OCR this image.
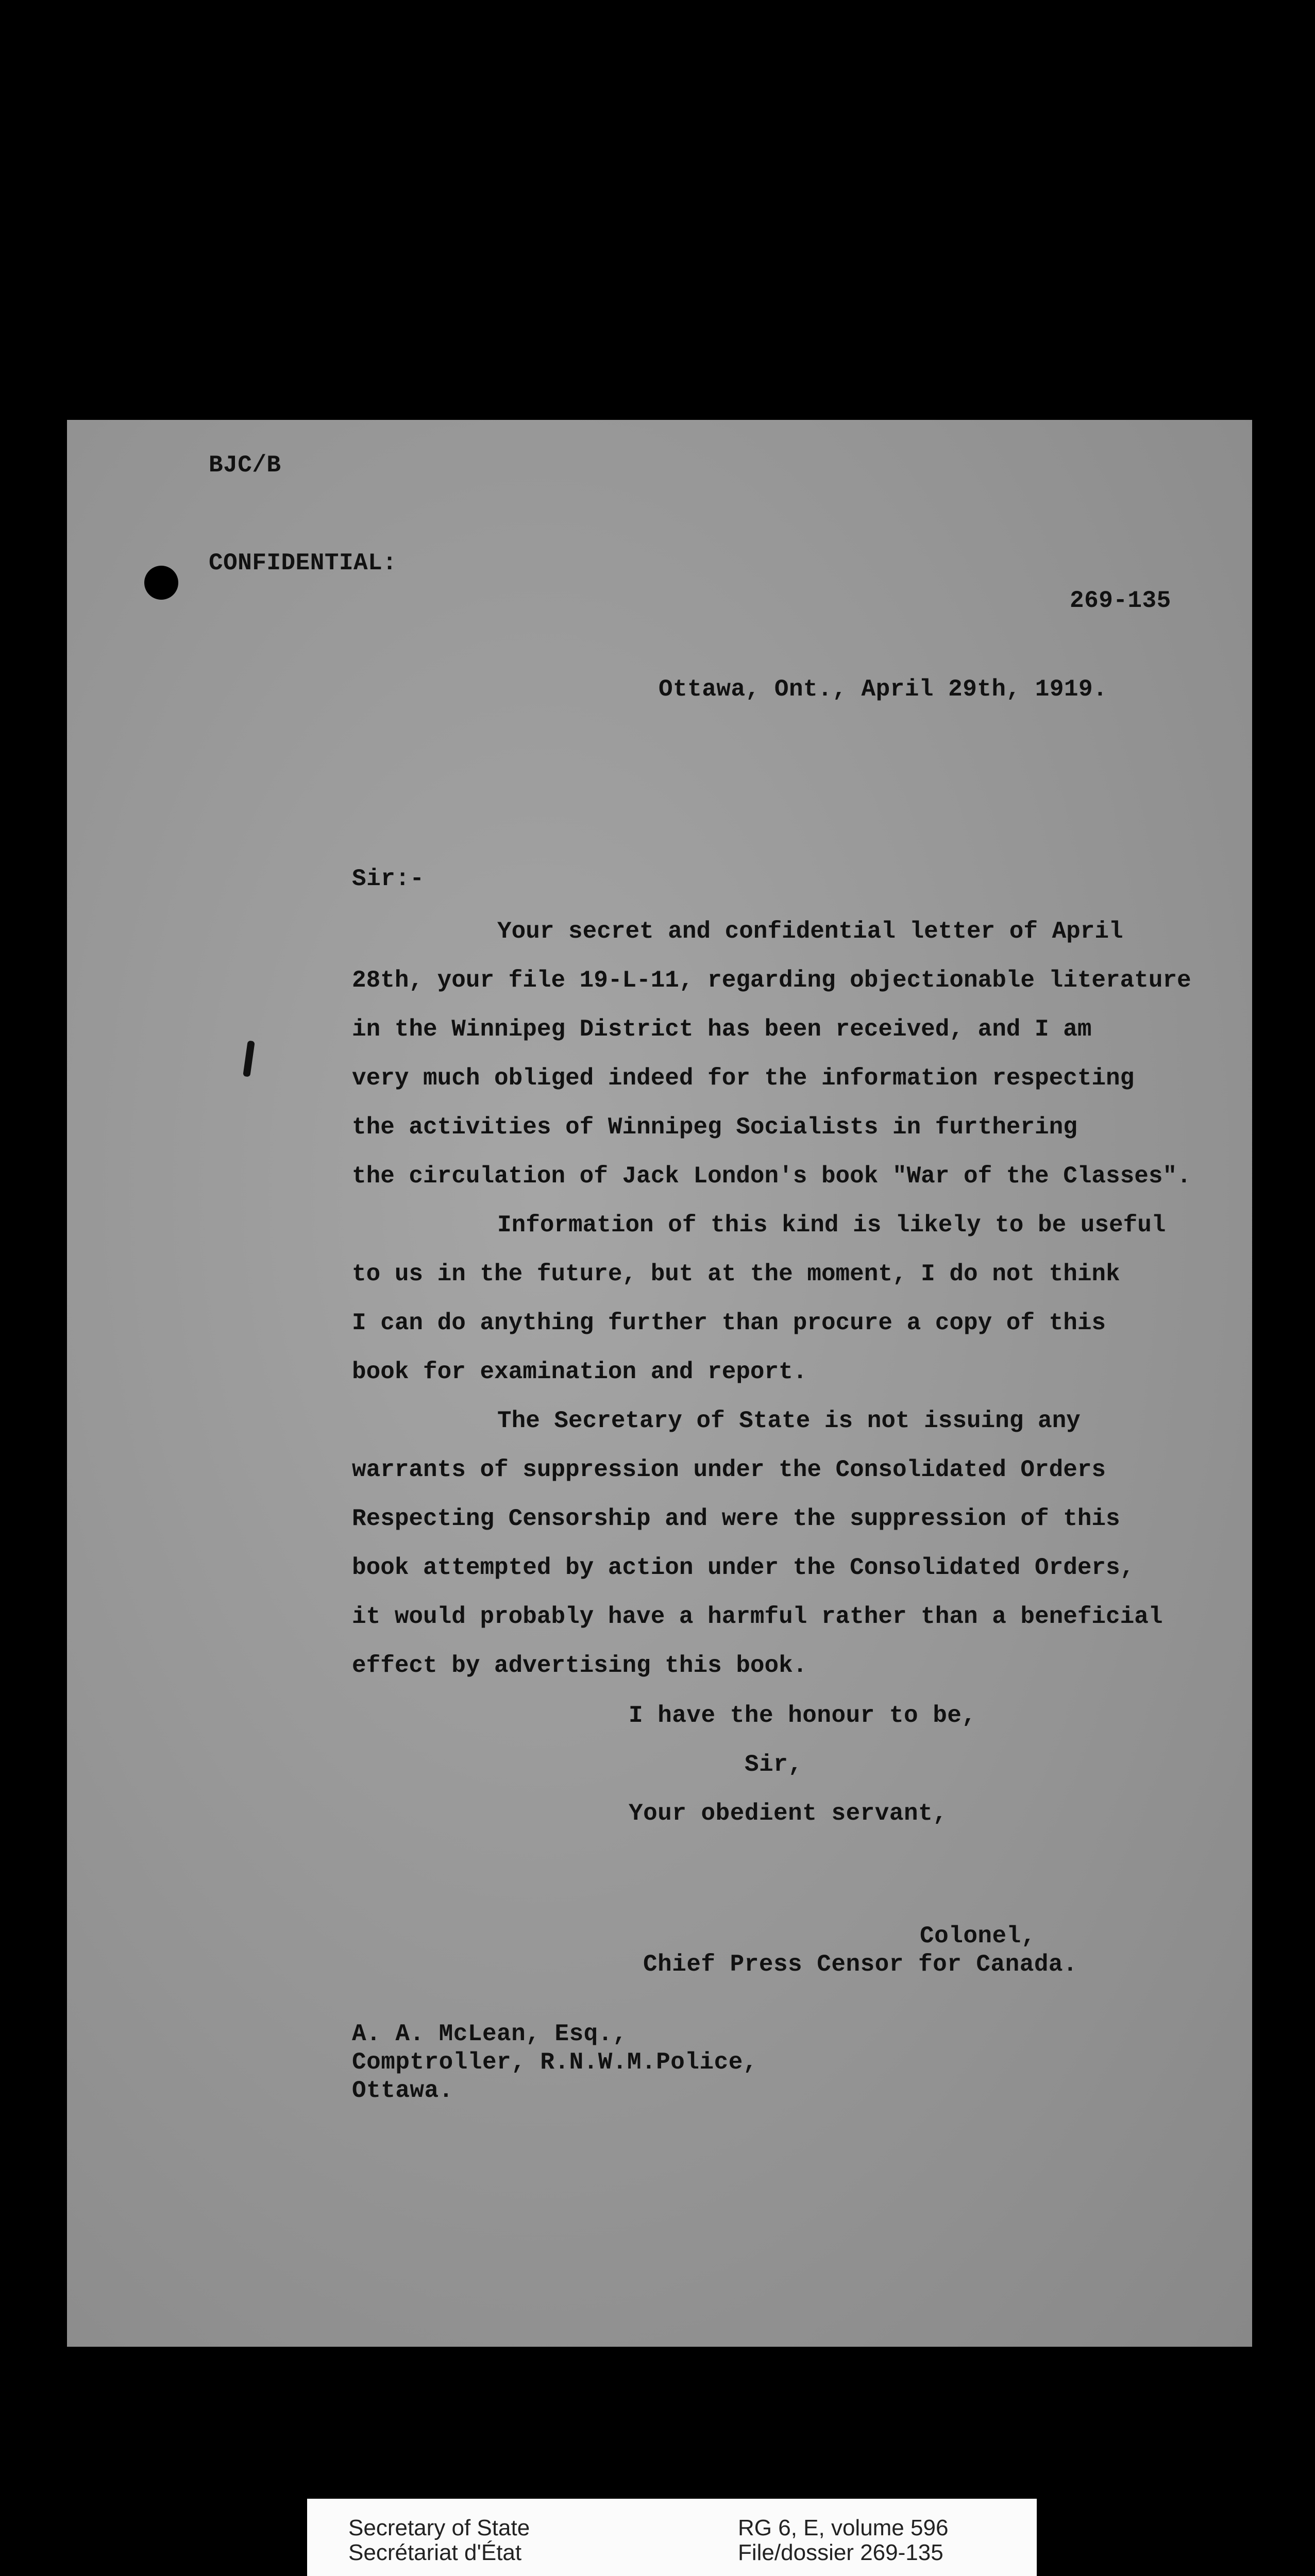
BJC/B
CONFIDENTIAL:
269-135
Ottawa, Ont., April 29th, 1919.
Sir:-
Your secret and confidential letter of April
28th, your file 19-L-11, regarding objectionable literature
in the Winnipeg District has been received, and I am
very much obliged indeed for the information respecting
the activities of Winnipeg Socialists in furthering
the circulation of Jack London's book "War of the Classes".
Information of this kind is likely to be useful
to us in the future, but at the moment, I do not think
I can do anything further than procure a copy of this
book for examination and report.
The Secretary of State is not issuing any
warrants of suppression under the Consolidated Orders
Respecting Censorship and were the suppression of this
book attempted by action under the Consolidated Orders,
it would probably have a harmful rather than a beneficial
effect by advertising this book.
I have the honour to be,
Sir,
Your obedient servant,
Colonel,
Chief Press Censor for Canada.
A. A. McLean, Esq.,
Comptroller, R.N.W.M.Police,
Ottawa.
Secretary of State
Secrétariat d'État
RG 6, E, volume 596
File/dossier 269-135
